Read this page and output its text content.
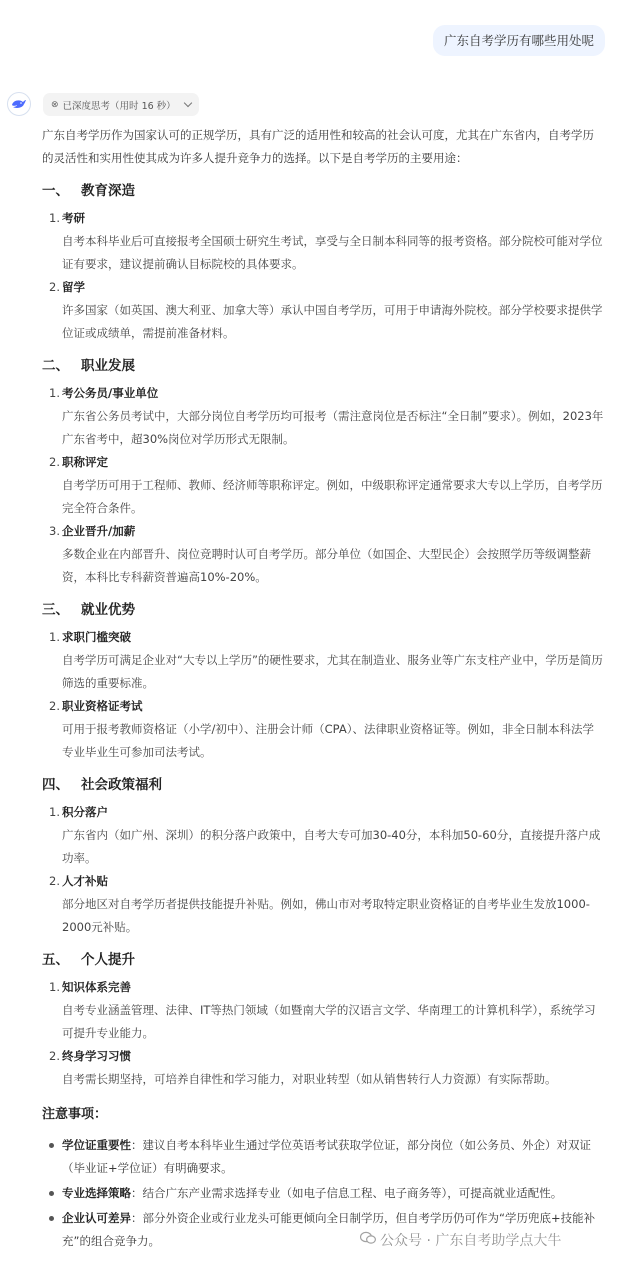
广东自考学历有哪些用处呢
⊗ 已深度思考（用时 16 秒）

广东自考学历作为国家认可的正规学历，具有广泛的适用性和较高的社会认可度，尤其在广东省内，自考学历的灵活性和实用性使其成为许多人提升竞争力的选择。以下是自考学历的主要用途：

一、 教育深造
1. 考研
自考本科毕业后可直接报考全国硕士研究生考试，享受与全日制本科同等的报考资格。部分院校可能对学位证有要求，建议提前确认目标院校的具体要求。
2. 留学
许多国家（如英国、澳大利亚、加拿大等）承认中国自考学历，可用于申请海外院校。部分学校要求提供学位证或成绩单，需提前准备材料。
二、 职业发展
1. 考公务员/事业单位
广东省公务员考试中，大部分岗位自考学历均可报考（需注意岗位是否标注“全日制”要求）。例如，2023年广东省考中，超30%岗位对学历形式无限制。
2. 职称评定
自考学历可用于工程师、教师、经济师等职称评定。例如，中级职称评定通常要求大专以上学历，自考学历完全符合条件。
3. 企业晋升/加薪
多数企业在内部晋升、岗位竞聘时认可自考学历。部分单位（如国企、大型民企）会按照学历等级调整薪资，本科比专科薪资普遍高10%-20%。
三、 就业优势
1. 求职门槛突破
自考学历可满足企业对“大专以上学历”的硬性要求，尤其在制造业、服务业等广东支柱产业中，学历是简历筛选的重要标准。
2. 职业资格证考试
可用于报考教师资格证（小学/初中）、注册会计师（CPA）、法律职业资格证等。例如，非全日制本科法学专业毕业生可参加司法考试。
四、 社会政策福利
1. 积分落户
广东省内（如广州、深圳）的积分落户政策中，自考大专可加30-40分，本科加50-60分，直接提升落户成功率。
2. 人才补贴
部分地区对自考学历者提供技能提升补贴。例如，佛山市对考取特定职业资格证的自考毕业生发放1000-2000元补贴。
五、 个人提升
1. 知识体系完善
自考专业涵盖管理、法律、IT等热门领域（如暨南大学的汉语言文学、华南理工的计算机科学），系统学习可提升专业能力。
2. 终身学习习惯
自考需长期坚持，可培养自律性和学习能力，对职业转型（如从销售转行人力资源）有实际帮助。
注意事项：
学位证重要性：建议自考本科毕业生通过学位英语考试获取学位证，部分岗位（如公务员、外企）对双证（毕业证+学位证）有明确要求。
专业选择策略：结合广东产业需求选择专业（如电子信息工程、电子商务等），可提高就业适配性。
企业认可差异：部分外资企业或行业龙头可能更倾向全日制学历，但自考学历仍可作为“学历兜底+技能补充”的组合竞争力。	公众号 · 广东自考助学点大牛
